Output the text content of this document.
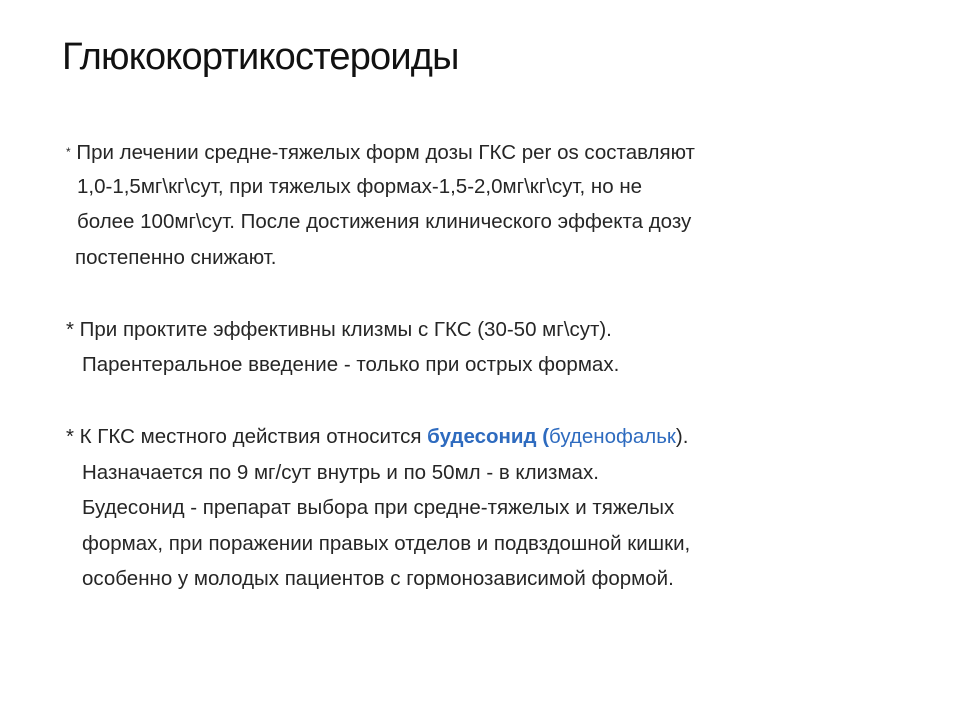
Глюкокортикостероиды
* При лечении средне-тяжелых форм дозы ГКС per os составляют
1,0-1,5мг\кг\сут, при тяжелых формах-1,5-2,0мг\кг\сут, но не
более 100мг\сут. После достижения клинического эффекта дозу
постепенно снижают.
* При проктите эффективны клизмы с ГКС (30-50 мг\сут).
Парентеральное введение - только при острых формах.
* К ГКС местного действия относится будесонид (буденофальк).
Назначается по 9 мг/сут внутрь и по 50мл - в клизмах.
Будесонид - препарат выбора при средне-тяжелых и тяжелых
формах, при поражении правых отделов и подвздошной кишки,
особенно у молодых пациентов с гормонозависимой формой.
